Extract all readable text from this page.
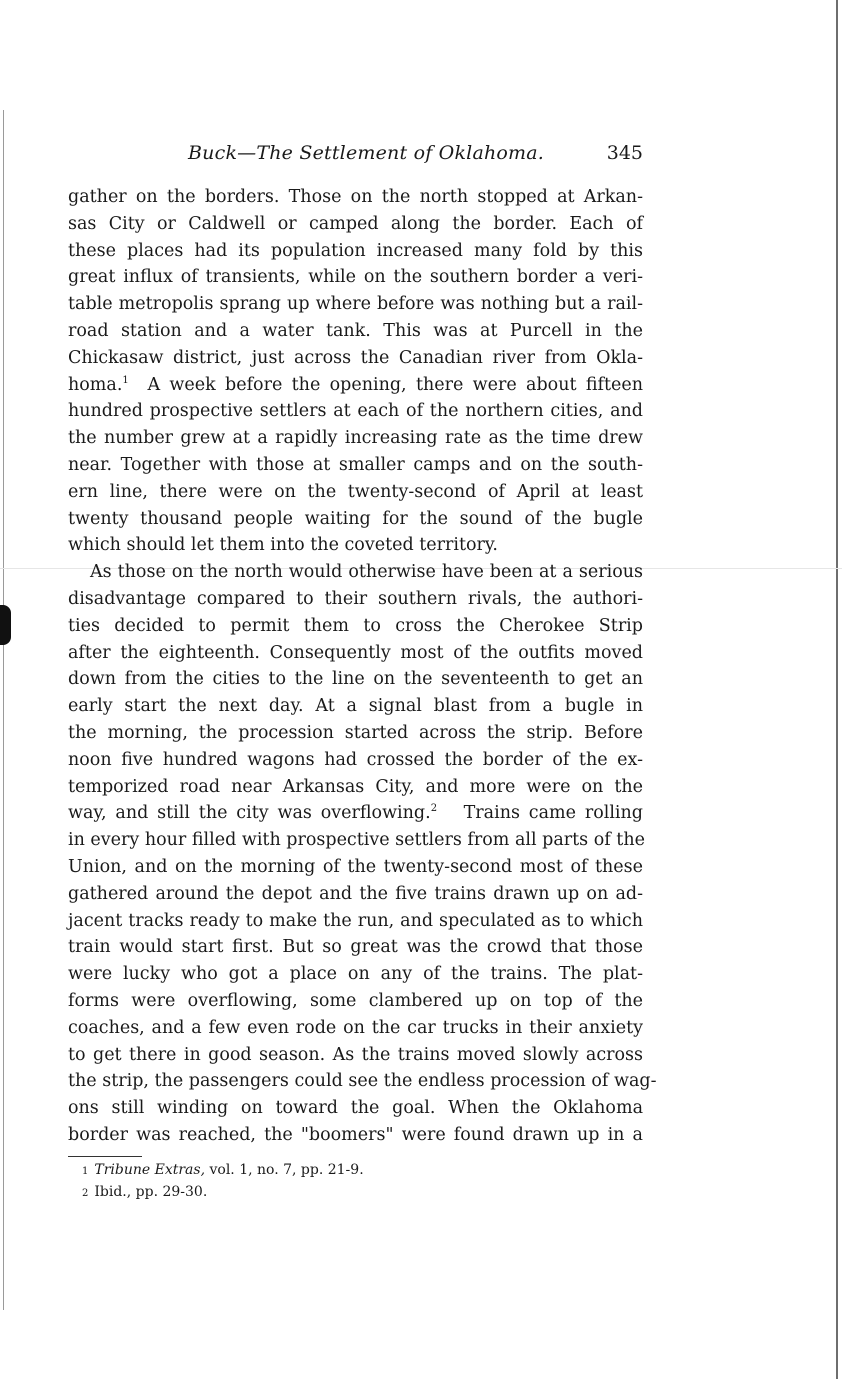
Buck—The Settlement of Oklahoma.	345
gather on the borders. Those on the north stopped at Arkan-
sas City or Caldwell or camped along the border. Each of
these places had its population increased many fold by this
great influx of transients, while on the southern border a veri-
table metropolis sprang up where before was nothing but a rail-
road station and a water tank. This was at Purcell in the
Chickasaw district, just across the Canadian river from Okla-
homa.$^1$ A week before the opening, there were about fifteen
hundred prospective settlers at each of the northern cities, and
the number grew at a rapidly increasing rate as the time drew
near. Together with those at smaller camps and on the south-
ern line, there were on the twenty-second of April at least
twenty thousand people waiting for the sound of the bugle
which should let them into the coveted territory.
As those on the north would otherwise have been at a serious
disadvantage compared to their southern rivals, the authori-
ties decided to permit them to cross the Cherokee Strip
after the eighteenth. Consequently most of the outfits moved
down from the cities to the line on the seventeenth to get an
early start the next day. At a signal blast from a bugle in
the morning, the procession started across the strip. Before
noon five hundred wagons had crossed the border of the ex-
temporized road near Arkansas City, and more were on the
way, and still the city was overflowing.$^2$ Trains came rolling
in every hour filled with prospective settlers from all parts of the
Union, and on the morning of the twenty-second most of these
gathered around the depot and the five trains drawn up on ad-
jacent tracks ready to make the run, and speculated as to which
train would start first. But so great was the crowd that those
were lucky who got a place on any of the trains. The plat-
forms were overflowing, some clambered up on top of the
coaches, and a few even rode on the car trucks in their anxiety
to get there in good season. As the trains moved slowly across
the strip, the passengers could see the endless procession of wag-
ons still winding on toward the goal. When the Oklahoma
border was reached, the "boomers" were found drawn up in a
1 Tribune Extras, vol. 1, no. 7, pp. 21-9.
2 Ibid., pp. 29-30.
